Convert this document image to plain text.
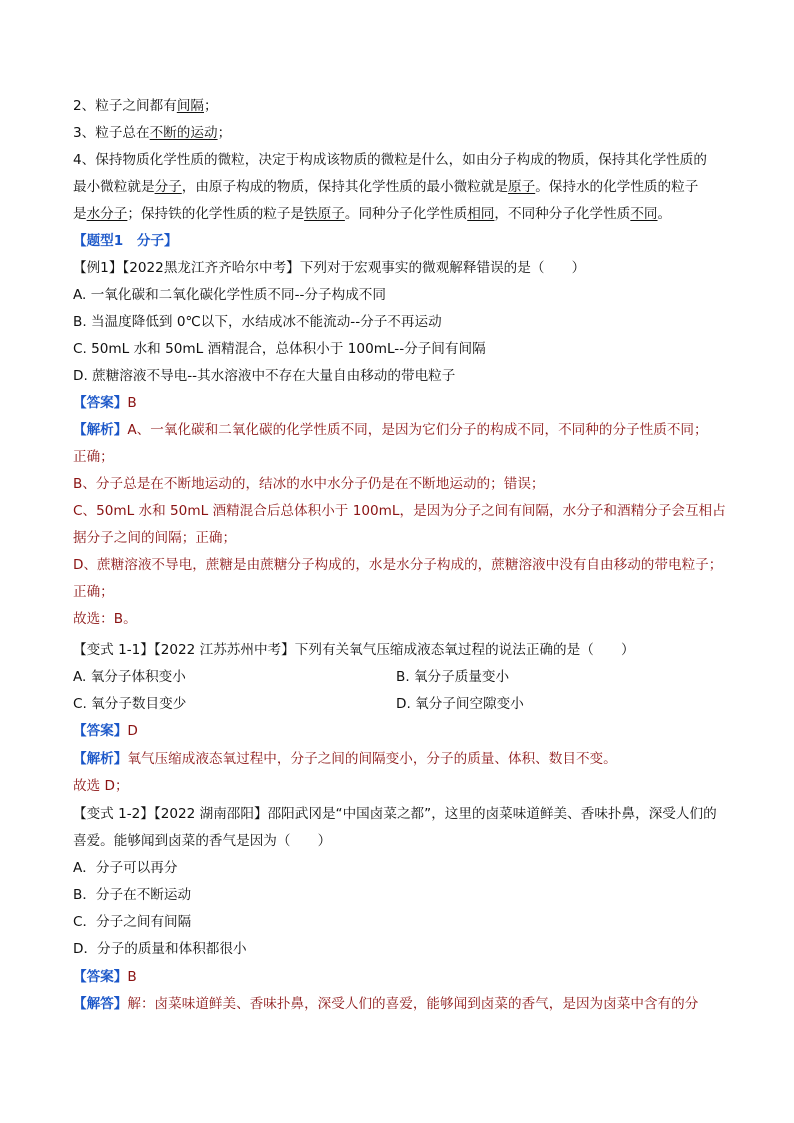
2、粒子之间都有间隔；
3、粒子总在不断的运动；
4、保持物质化学性质的微粒，决定于构成该物质的微粒是什么，如由分子构成的物质，保持其化学性质的
最小微粒就是分子，由原子构成的物质，保持其化学性质的最小微粒就是原子。保持水的化学性质的粒子
是水分子；保持铁的化学性质的粒子是铁原子。同种分子化学性质相同，不同种分子化学性质不同。
【题型1　分子】
【例1】【2022黑龙江齐齐哈尔中考】下列对于宏观事实的微观解释错误的是（　　）
A. 一氧化碳和二氧化碳化学性质不同--分子构成不同
B. 当温度降低到 0℃以下，水结成冰不能流动--分子不再运动
C. 50mL 水和 50mL 酒精混合，总体积小于 100mL--分子间有间隔
D. 蔗糖溶液不导电--其水溶液中不存在大量自由移动的带电粒子
【答案】B
【解析】A、一氧化碳和二氧化碳的化学性质不同，是因为它们分子的构成不同，不同种的分子性质不同；
正确；
B、分子总是在不断地运动的，结冰的水中水分子仍是在不断地运动的；错误；
C、50mL 水和 50mL 酒精混合后总体积小于 100mL，是因为分子之间有间隔，水分子和酒精分子会互相占
据分子之间的间隔；正确；
D、蔗糖溶液不导电，蔗糖是由蔗糖分子构成的，水是水分子构成的，蔗糖溶液中没有自由移动的带电粒子；
正确；
故选：B。
【变式 1-1】【2022 江苏苏州中考】下列有关氧气压缩成液态氧过程的说法正确的是（　　）
A. 氧分子体积变小	B. 氧分子质量变小
C. 氧分子数目变少	D. 氧分子间空隙变小
【答案】D
【解析】氧气压缩成液态氧过程中，分子之间的间隔变小，分子的质量、体积、数目不变。
故选 D；
【变式 1-2】【2022 湖南邵阳】邵阳武冈是“中国卤菜之都”，这里的卤菜味道鲜美、香味扑鼻，深受人们的
喜爱。能够闻到卤菜的香气是因为（　　）
A．分子可以再分
B．分子在不断运动
C．分子之间有间隔
D．分子的质量和体积都很小
【答案】B
【解答】解：卤菜味道鲜美、香味扑鼻，深受人们的喜爱，能够闻到卤菜的香气，是因为卤菜中含有的分
